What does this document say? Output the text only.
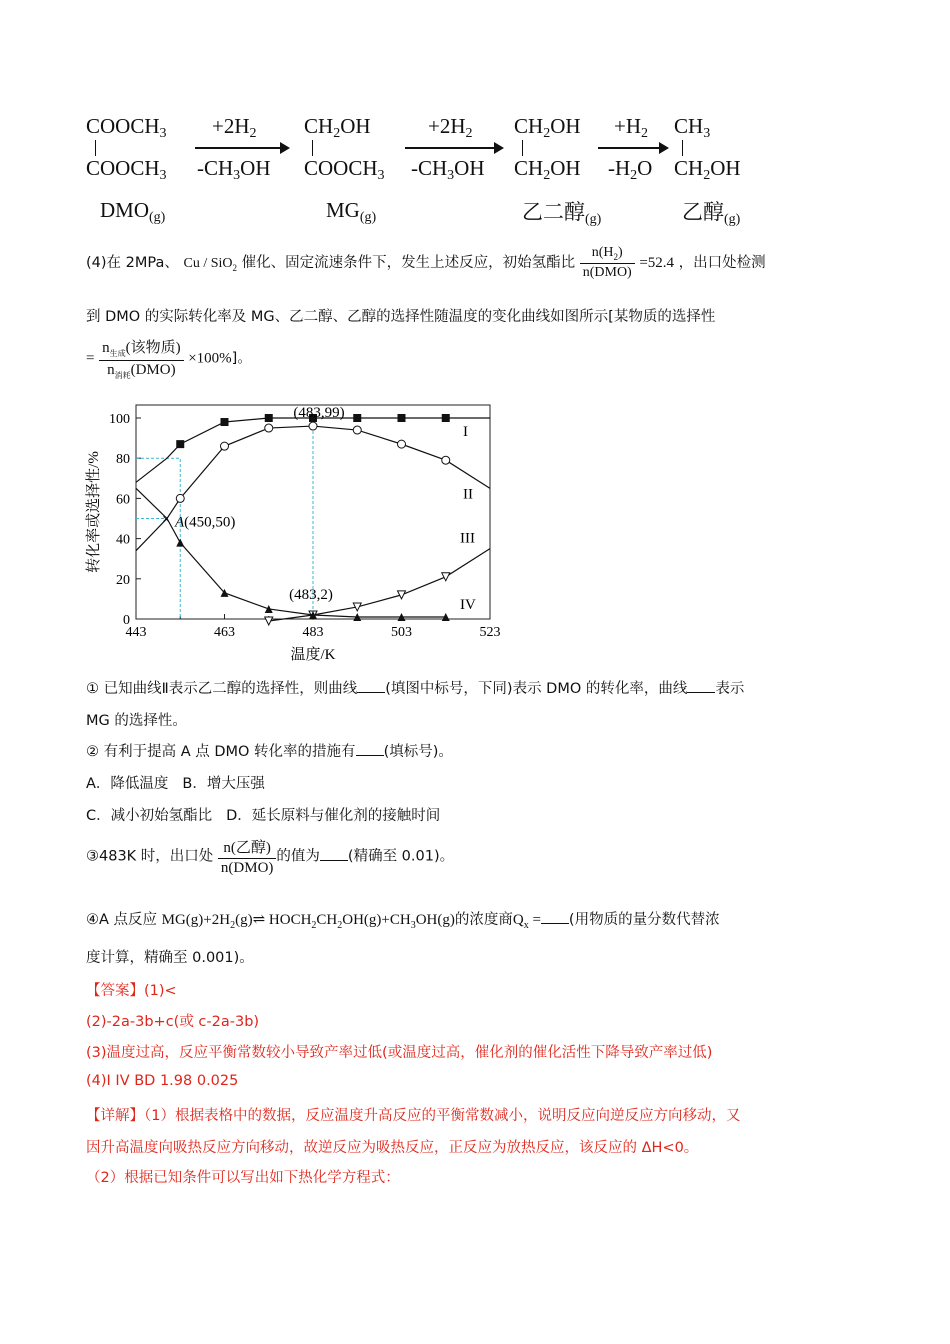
$COOCH_3$
$COOCH_3$
$+2H_2$
$-CH_3OH$
$CH_2OH$
$COOCH_3$
$+2H_2$
$-CH_3OH$
$CH_2OH$
$CH_2OH$
$+H_2$
$-H_2O$
$CH_3$
$CH_2OH$
$DMO_{(g)}$	$MG_{(g)}$	乙二醇$_{(g)}$	乙醇$_{(g)}$
(4)在 2MPa、 Cu / SiO$_2$ 催化、固定流速条件下，发生上述反应，初始氢酯比 $\frac{n(H_2)}{\text{n(DMO)}} =52.4$ ，出口处检测
到 DMO 的实际转化率及 MG、乙二醇、乙醇的选择性随温度的变化曲线如图所示[某物质的选择性
= $\frac{n_{生成}(该物质)}{n_{消耗}(DMO)} \times 100\%$]。
0
20
40
60
80
100
443	463	483	503	523
温度/K
转化率或选择性/%	×
I
II
III
IV
(483,99)
A(450,50)
(483,2)
① 已知曲线Ⅱ表示乙二醇的选择性，则曲线 (填图中标号，下同)表示 DMO 的转化率，曲线 表示
MG 的选择性。
② 有利于提高 A 点 DMO 转化率的措施有 (填标号)。
A．降低温度 B．增大压强
C．减小初始氢酯比 D．延长原料与催化剂的接触时间
③483K 时，出口处 $\frac{\text{n(乙醇)}}{\text{n(DMO)}}$ 的值为 (精确至 0.01)。
④A 点反应 $MG(g)+2H_2(g)\rightleftharpoons$ $HOCH_2CH_2OH(g)+CH_3OH(g)$的浓度商$Q_x$ = (用物质的量分数代替浓
度计算，精确至 0.001)。
【答案】(1)<
(2)-2a-3b+c(或 c-2a-3b)
(3)温度过高，反应平衡常数较小导致产率过低(或温度过高，催化剂的催化活性下降导致产率过低)
(4)I IV BD 1.98 0.025
【详解】（1）根据表格中的数据，反应温度升高反应的平衡常数减小，说明反应向逆反应方向移动，又
因升高温度向吸热反应方向移动，故逆反应为吸热反应，正反应为放热反应，该反应的 ΔH<0。
（2）根据已知条件可以写出如下热化学方程式：
